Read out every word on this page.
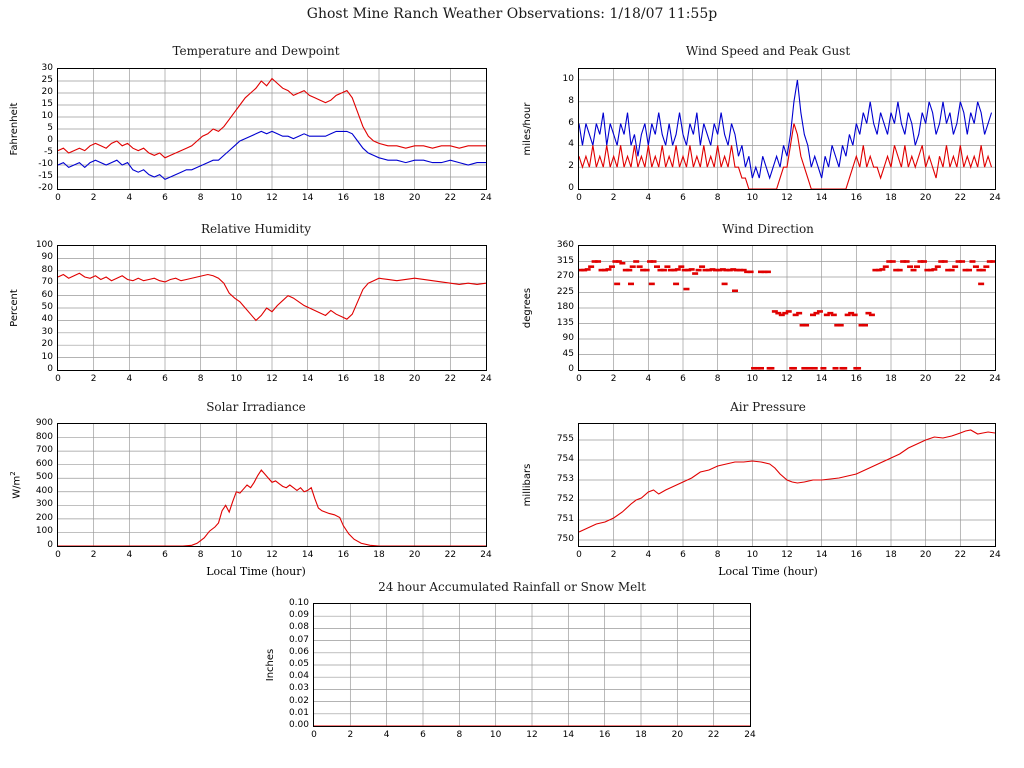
Ghost Mine Ranch Weather Observations: 1/18/07 11:55p
Temperature and Dewpoint	Wind Speed and Peak Gust
Relative Humidity	Wind Direction
Solar Irradiance
Local Time (hour)
Air Pressure
Local Time (hour)
24 hour Accumulated Rainfall or Snow Melt
-20
-15
-10
-5
0
5
10
15
20
25
30
0	2	4	6	8	10	12	14	16	18	20	22	24
Fahrenheit
0
2
4
6
8
10
0	2	4	6	8	10	12	14	16	18	20	22	24
miles/hour
0
10
20
30
40
50
60
70
80
90
100
0	2	4	6	8	10	12	14	16	18	20	22	24
Percent
0
45
90
135
180
225
270
315
360
0	2	4	6	8	10	12	14	16	18	20	22	24
degrees
0
100
200
300
400
500
600
700
800
900
0	2	4	6	8	10	12	14	16	18	20	22	24
$W/m^2$
750
751
752
753
754
755
0	2	4	6	8	10	12	14	16	18	20	22	24
millibars
0.00
0.01
0.02
0.03
0.04
0.05
0.06
0.07
0.08
0.09
0.10
0	2	4	6	8	10	12	14	16	18	20	22	24
Inches
